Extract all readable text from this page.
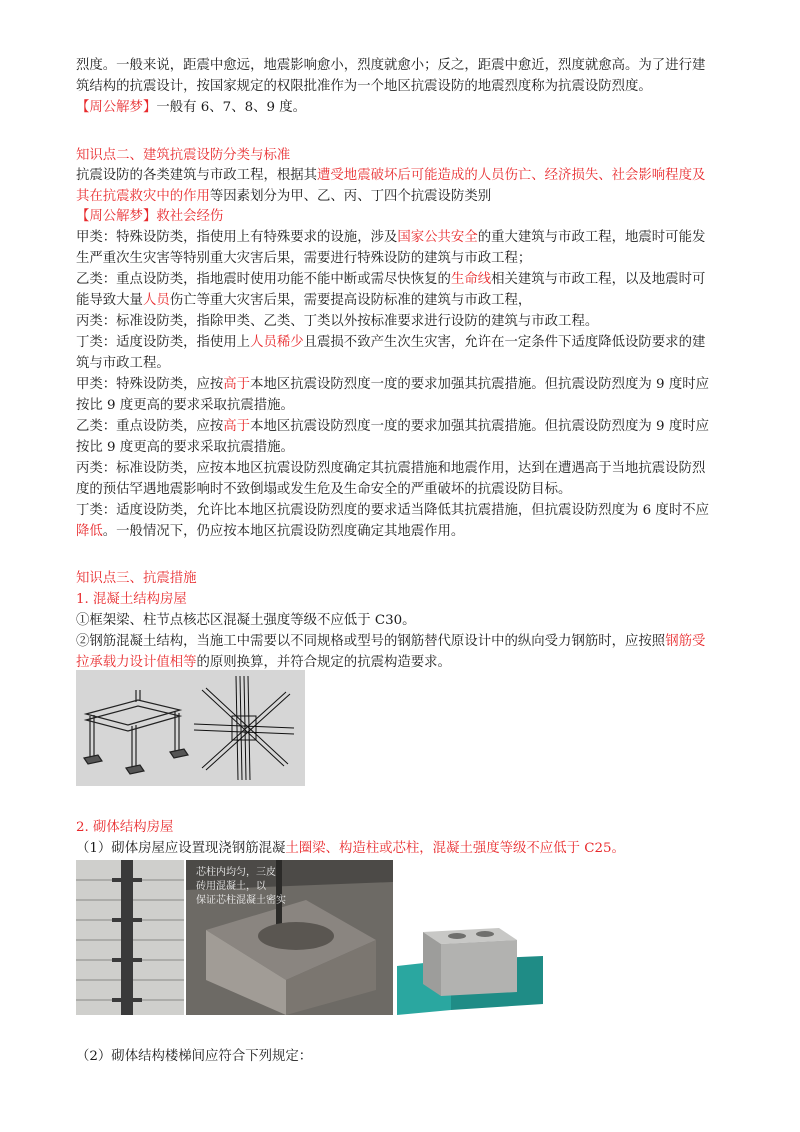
烈度。一般来说，距震中愈远，地震影响愈小，烈度就愈小；反之，距震中愈近，烈度就愈高。为了进行建
筑结构的抗震设计，按国家规定的权限批准作为一个地区抗震设防的地震烈度称为抗震设防烈度。
【周公解梦】一般有 6、7、8、9 度。
知识点二、建筑抗震设防分类与标准
抗震设防的各类建筑与市政工程，根据其遭受地震破坏后可能造成的人员伤亡、经济损失、社会影响程度及
其在抗震救灾中的作用等因素划分为甲、乙、丙、丁四个抗震设防类别
【周公解梦】救社会经伤
甲类：特殊设防类，指使用上有特殊要求的设施，涉及国家公共安全的重大建筑与市政工程，地震时可能发
生严重次生灾害等特别重大灾害后果，需要进行特殊设防的建筑与市政工程；
乙类：重点设防类，指地震时使用功能不能中断或需尽快恢复的生命线相关建筑与市政工程，以及地震时可
能导致大量人员伤亡等重大灾害后果，需要提高设防标准的建筑与市政工程，
丙类：标准设防类，指除甲类、乙类、丁类以外按标准要求进行设防的建筑与市政工程。
丁类：适度设防类，指使用上人员稀少且震损不致产生次生灾害，允许在一定条件下适度降低设防要求的建
筑与市政工程。
甲类：特殊设防类，应按高于本地区抗震设防烈度一度的要求加强其抗震措施。但抗震设防烈度为 9 度时应
按比 9 度更高的要求采取抗震措施。
乙类：重点设防类，应按高于本地区抗震设防烈度一度的要求加强其抗震措施。但抗震设防烈度为 9 度时应
按比 9 度更高的要求采取抗震措施。
丙类：标准设防类，应按本地区抗震设防烈度确定其抗震措施和地震作用，达到在遭遇高于当地抗震设防烈
度的预估罕遇地震影响时不致倒塌或发生危及生命安全的严重破坏的抗震设防目标。
丁类：适度设防类，允许比本地区抗震设防烈度的要求适当降低其抗震措施，但抗震设防烈度为 6 度时不应
降低。一般情况下，仍应按本地区抗震设防烈度确定其地震作用。
知识点三、抗震措施
1. 混凝土结构房屋
①框架梁、柱节点核芯区混凝土强度等级不应低于 C30。
②钢筋混凝土结构，当施工中需要以不同规格或型号的钢筋替代原设计中的纵向受力钢筋时，应按照钢筋受
拉承载力设计值相等的原则换算，并符合规定的抗震构造要求。
2. 砌体结构房屋
（1）砌体房屋应设置现浇钢筋混凝土圈梁、构造柱或芯柱，混凝土强度等级不应低于 C25。
（2）砌体结构楼梯间应符合下列规定：
芯柱内均匀，三皮
砖用混凝土，以
保证芯柱混凝土密实
